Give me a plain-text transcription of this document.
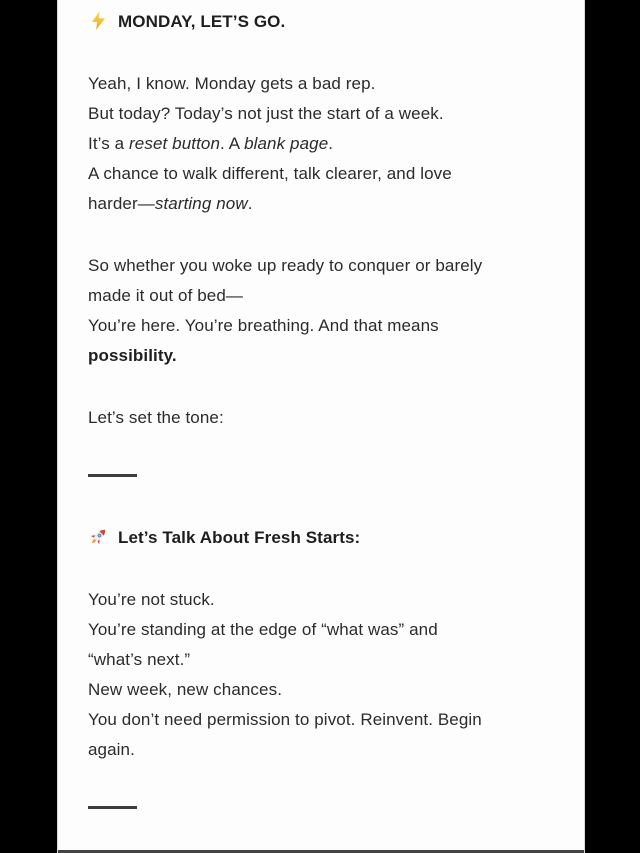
MONDAY, LET’S GO.

Yeah, I know. Monday gets a bad rep.
But today? Today’s not just the start of a week.
It’s a reset button. A blank page.
A chance to walk different, talk clearer, and love
harder—starting now.

So whether you woke up ready to conquer or barely
made it out of bed—
You’re here. You’re breathing. And that means
possibility.

Let’s set the tone:

Let’s Talk About Fresh Starts:

You’re not stuck.
You’re standing at the edge of “what was” and
“what’s next.”
New week, new chances.
You don’t need permission to pivot. Reinvent. Begin
again.
